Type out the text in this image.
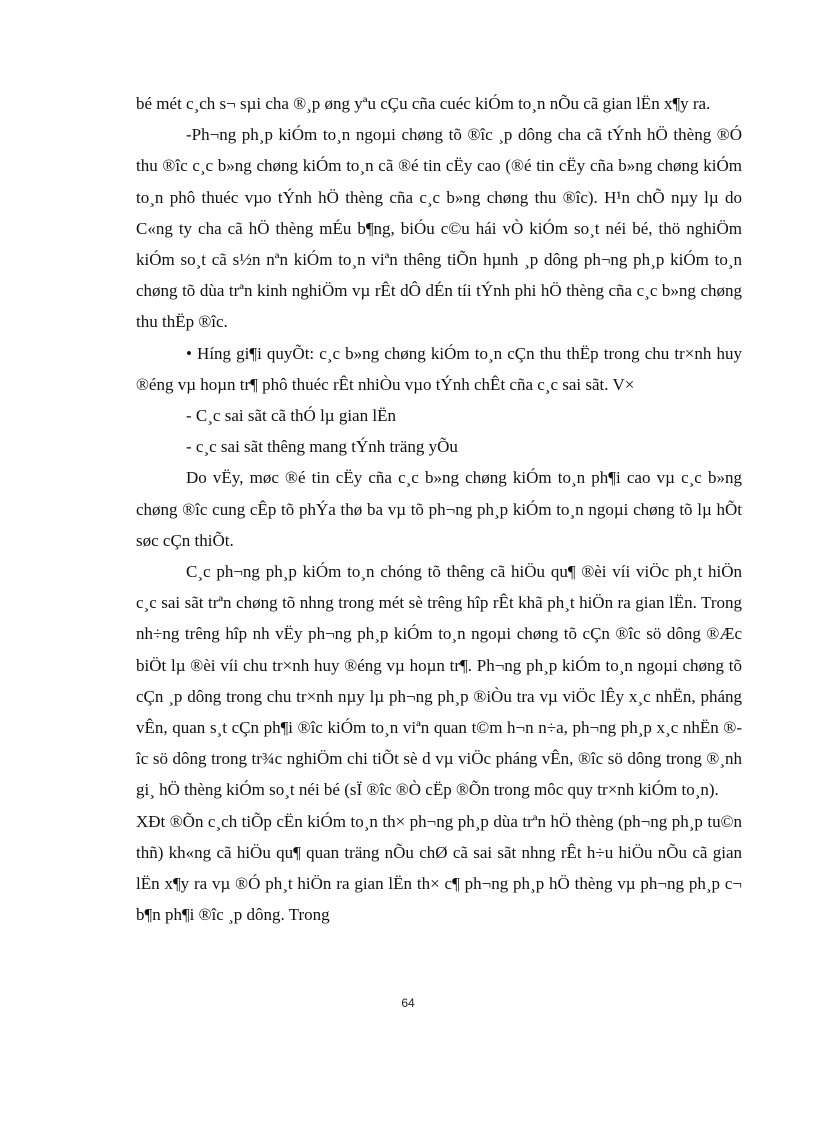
bé mét c¸ch s¬ sµi cha ®¸p øng yªu cÇu cña cuéc kiÓm to¸n nÕu cã gian lËn x¶y ra.

-Ph¬ng ph¸p kiÓm to¸n ngoµi chøng tõ ®îc ¸p dông cha cã tÝnh hÖ thèng ®Ó thu ®îc c¸c b»ng chøng kiÓm to¸n cã ®é tin cËy cao (®é tin cËy cña b»ng chøng kiÓm to¸n phô thuéc vµo tÝnh hÖ thèng cña c¸c b»ng chøng thu ®îc). H¹n chÕ nµy lµ do C«ng ty cha cã hÖ thèng mÉu b¶ng, biÓu c©u hái vÒ kiÓm so¸t néi bé, thö nghiÖm kiÓm so¸t cã s½n nªn kiÓm to¸n viªn thêng tiÕn hµnh ¸p dông ph¬ng ph¸p kiÓm to¸n chøng tõ dùa trªn kinh nghiÖm vµ rÊt dÔ dÉn tíi tÝnh phi hÖ thèng cña c¸c b»ng chøng thu thËp ®îc.

• Híng gi¶i quyÕt: c¸c b»ng chøng kiÓm to¸n cÇn thu thËp trong chu tr×nh huy ®éng vµ hoµn tr¶ phô thuéc rÊt nhiÒu vµo tÝnh chÊt cña c¸c sai sãt. V×

- C¸c sai sãt cã thÓ lµ gian lËn

- c¸c sai sãt thêng mang tÝnh träng yÕu

Do vËy, møc ®é tin cËy cña c¸c b»ng chøng kiÓm to¸n ph¶i cao vµ c¸c b»ng chøng ®îc cung cÊp tõ phÝa thø ba vµ tõ ph¬ng ph¸p kiÓm to¸n ngoµi chøng tõ lµ hÕt søc cÇn thiÕt.

C¸c ph¬ng ph¸p kiÓm to¸n chóng tõ thêng cã hiÖu qu¶ ®èi víi viÖc ph¸t hiÖn c¸c sai sãt trªn chøng tõ nhng trong mét sè trêng hîp rÊt khã ph¸t hiÖn ra gian lËn. Trong nh÷ng trêng hîp nh vËy ph¬ng ph¸p kiÓm to¸n ngoµi chøng tõ cÇn ®îc sö dông ®Æc biÖt lµ ®èi víi chu tr×nh huy ®éng vµ hoµn tr¶. Ph¬ng ph¸p kiÓm to¸n ngoµi chøng tõ cÇn ¸p dông trong chu tr×nh nµy lµ ph¬ng ph¸p ®iÒu tra vµ viÖc lÊy x¸c nhËn, pháng vÊn, quan s¸t cÇn ph¶i ®îc kiÓm to¸n viªn quan t©m h¬n n÷a, ph¬ng ph¸p x¸c nhËn ®îc sö dông trong tr¾c nghiÖm chi tiÕt sè d vµ viÖc pháng vÊn, ®îc sö dông trong ®¸nh gi¸ hÖ thèng kiÓm so¸t néi bé (sÏ ®îc ®Ò cËp ®Õn trong môc quy tr×nh kiÓm to¸n).

XÐt ®Õn c¸ch tiÕp cËn kiÓm to¸n th× ph¬ng ph¸p dùa trªn hÖ thèng (ph¬ng ph¸p tu©n thñ) kh«ng cã hiÖu qu¶ quan träng nÕu chØ cã sai sãt nhng rÊt h÷u hiÖu nÕu cã gian lËn x¶y ra vµ ®Ó ph¸t hiÖn ra gian lËn th× c¶ ph¬ng ph¸p hÖ thèng vµ ph¬ng ph¸p c¬ b¶n ph¶i ®îc ¸p dông. Trong

64
